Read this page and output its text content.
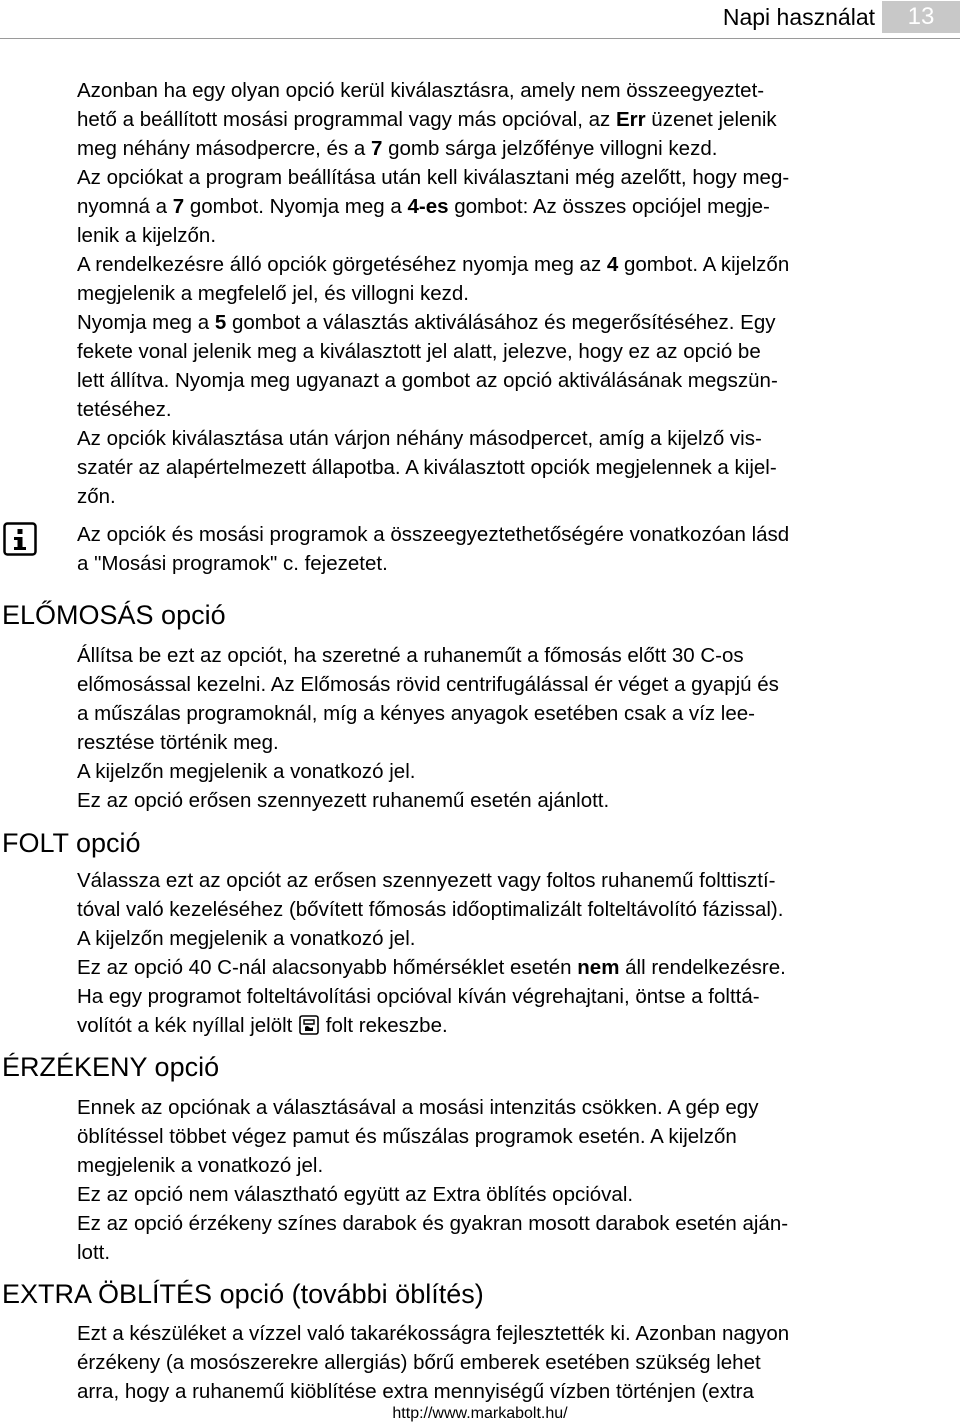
Napi használat	13
Azonban ha egy olyan opció kerül kiválasztásra, amely nem összeegyeztet-
hető a beállított mosási programmal vagy más opcióval, az Err üzenet jelenik
meg néhány másodpercre, és a 7 gomb sárga jelzőfénye villogni kezd.
Az opciókat a program beállítása után kell kiválasztani még azelőtt, hogy meg-
nyomná a 7 gombot. Nyomja meg a 4-es gombot: Az összes opciójel megje-
lenik a kijelzőn.
A rendelkezésre álló opciók görgetéséhez nyomja meg az 4 gombot. A kijelzőn
megjelenik a megfelelő jel, és villogni kezd.
Nyomja meg a 5 gombot a választás aktiválásához és megerősítéséhez. Egy
fekete vonal jelenik meg a kiválasztott jel alatt, jelezve, hogy ez az opció be
lett állítva. Nyomja meg ugyanazt a gombot az opció aktiválásának megszün-
tetéséhez.
Az opciók kiválasztása után várjon néhány másodpercet, amíg a kijelző vis-
szatér az alapértelmezett állapotba. A kiválasztott opciók megjelennek a kijel-
zőn.
Az opciók és mosási programok a összeegyeztethetőségére vonatkozóan lásd
a "Mosási programok" c. fejezetet.
ELŐMOSÁS opció
Állítsa be ezt az opciót, ha szeretné a ruhaneműt a főmosás előtt 30 C-os
előmosással kezelni. Az Előmosás rövid centrifugálással ér véget a gyapjú és
a műszálas programoknál, míg a kényes anyagok esetében csak a víz lee-
resztése történik meg.
A kijelzőn megjelenik a vonatkozó jel.
Ez az opció erősen szennyezett ruhanemű esetén ajánlott.
FOLT opció
Válassza ezt az opciót az erősen szennyezett vagy foltos ruhanemű folttisztí-
tóval való kezeléséhez (bővített főmosás időoptimalizált folteltávolító fázissal).
A kijelzőn megjelenik a vonatkozó jel.
Ez az opció 40 C-nál alacsonyabb hőmérséklet esetén nem áll rendelkezésre.
Ha egy programot folteltávolítási opcióval kíván végrehajtani, öntse a folttá-
volítót a kék nyíllal jelölt  folt rekeszbe.
ÉRZÉKENY opció
Ennek az opciónak a választásával a mosási intenzitás csökken. A gép egy
öblítéssel többet végez pamut és műszálas programok esetén. A kijelzőn
megjelenik a vonatkozó jel.
Ez az opció nem választható együtt az Extra öblítés opcióval.
Ez az opció érzékeny színes darabok és gyakran mosott darabok esetén aján-
lott.
EXTRA ÖBLÍTÉS opció (további öblítés)
Ezt a készüléket a vízzel való takarékosságra fejlesztették ki. Azonban nagyon
érzékeny (a mosószerekre allergiás) bőrű emberek esetében szükség lehet
arra, hogy a ruhanemű kiöblítése extra mennyiségű vízben történjen (extra
http://www.markabolt.hu/
